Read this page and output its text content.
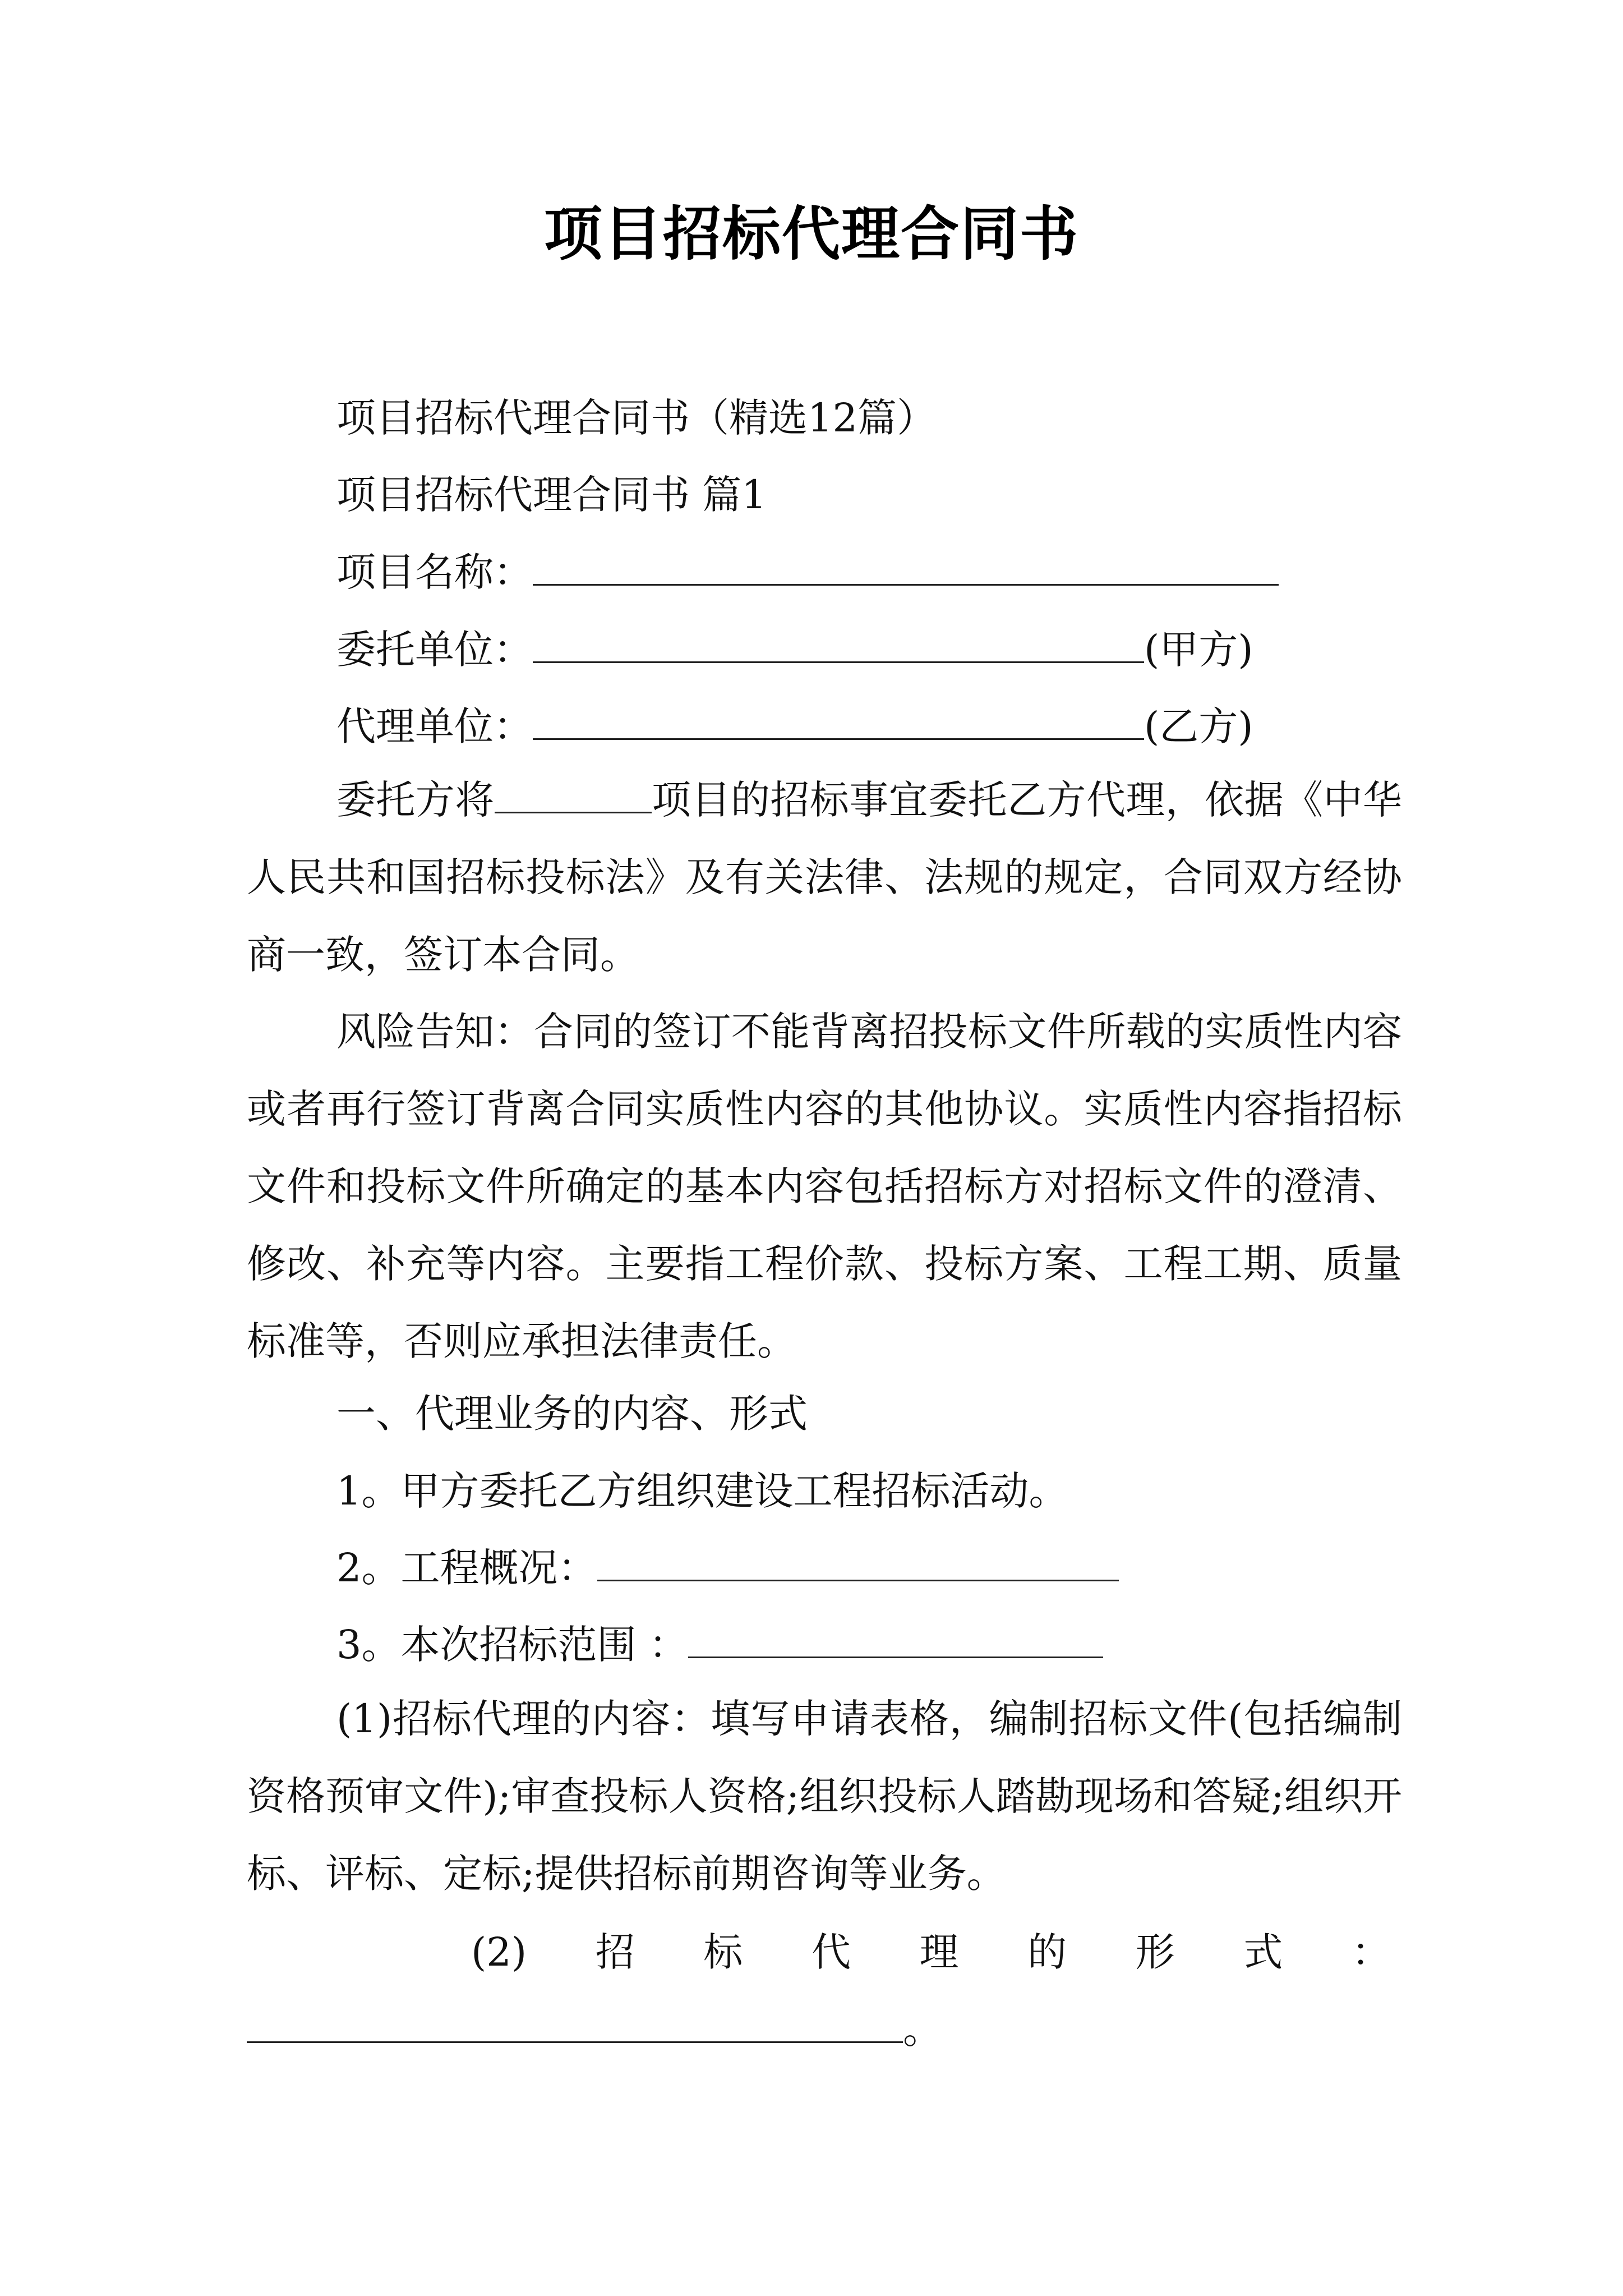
项目招标代理合同书
项目招标代理合同书（精选12篇）
项目招标代理合同书 篇1
项目名称：
委托单位：	(甲方)
代理单位：	(乙方)
委托方将	项目的招标事宜委托乙方代理，依据《中华人民共和国招标投标法》及有关法律、法规的规定，合同双方经协商一致，签订本合同。
风险告知：合同的签订不能背离招投标文件所载的实质性内容或者再行签订背离合同实质性内容的其他协议。实质性内容指招标文件和投标文件所确定的基本内容包括招标方对招标文件的澄清、修改、补充等内容。主要指工程价款、投标方案、工程工期、质量标准等，否则应承担法律责任。
一、代理业务的内容、形式
1。甲方委托乙方组织建设工程招标活动。
2。工程概况：
3。本次招标范围 ：
(1)招标代理的内容：填写申请表格，编制招标文件(包括编制资格预审文件);审查投标人资格;组织投标人踏勘现场和答疑;组织开标、评标、定标;提供招标前期咨询等业务。
(2) 招 标 代 理 的 形 式 ：
。
